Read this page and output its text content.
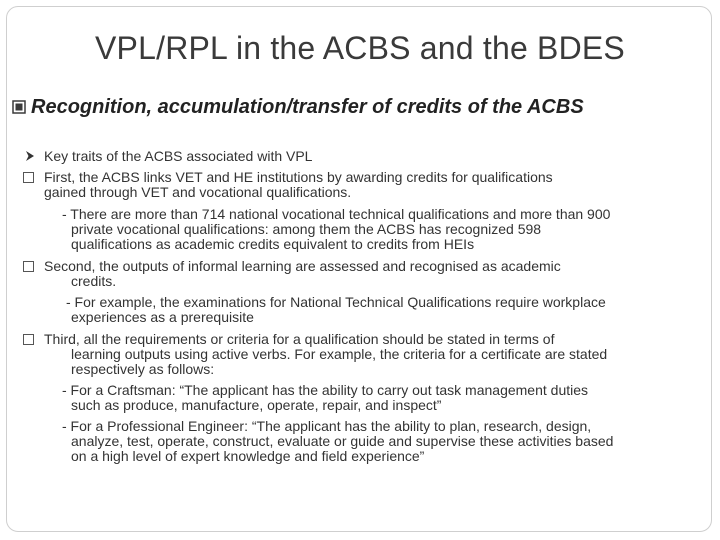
VPL/RPL in the ACBS and the BDES
Recognition, accumulation/transfer of credits of the ACBS
Key traits of the ACBS associated with VPL
First, the ACBS links VET and HE institutions by awarding credits for qualifications
gained through VET and vocational qualifications.
- There are more than 714 national vocational technical qualifications and more than 900
private vocational qualifications: among them the ACBS has recognized 598
qualifications as academic credits equivalent to credits from HEIs
Second, the outputs of informal learning are assessed and recognised as academic
credits.
- For example, the examinations for National Technical Qualifications require workplace
experiences as a prerequisite
Third, all the requirements or criteria for a qualification should be stated in terms of
learning outputs using active verbs. For example, the criteria for a certificate are stated
respectively as follows:
- For a Craftsman: “The applicant has the ability to carry out task management duties
such as produce, manufacture, operate, repair, and inspect”
- For a Professional Engineer: “The applicant has the ability to plan, research, design,
analyze, test, operate, construct, evaluate or guide and supervise these activities based
on a high level of expert knowledge and field experience”
